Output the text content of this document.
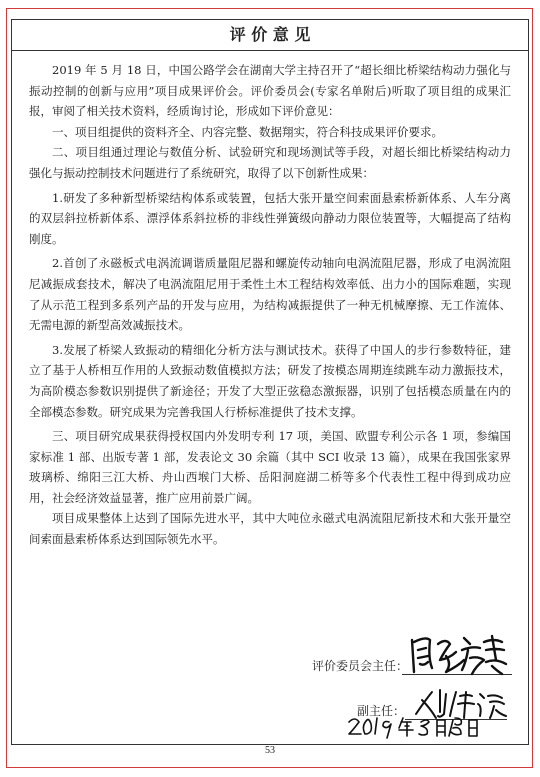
评 价 意 见

2019 年 5 月 18 日，中国公路学会在湖南大学主持召开了“超长细比桥梁结构动力强化与振动控制的创新与应用”项目成果评价会。评价委员会(专家名单附后)听取了项目组的成果汇报，审阅了相关技术资料，经质询讨论，形成如下评价意见：

一、项目组提供的资料齐全、内容完整、数据翔实，符合科技成果评价要求。

二、项目组通过理论与数值分析、试验研究和现场测试等手段，对超长细比桥梁结构动力强化与振动控制技术问题进行了系统研究，取得了以下创新性成果：

1.研发了多种新型桥梁结构体系或装置，包括大张开量空间索面悬索桥新体系、人车分离的双层斜拉桥新体系、漂浮体系斜拉桥的非线性弹簧级向静动力限位装置等，大幅提高了结构刚度。

2.首创了永磁板式电涡流调谐质量阻尼器和螺旋传动轴向电涡流阻尼器，形成了电涡流阻尼减振成套技术，解决了电涡流阻尼用于柔性土木工程结构效率低、出力小的国际难题，实现了从示范工程到多系列产品的开发与应用，为结构减振提供了一种无机械摩擦、无工作流体、无需电源的新型高效减振技术。

3.发展了桥梁人致振动的精细化分析方法与测试技术。获得了中国人的步行参数特征，建立了基于人桥相互作用的人致振动数值模拟方法；研发了按模态周期连续跳车动力激振技术，为高阶模态参数识别提供了新途径；开发了大型正弦稳态激振器，识别了包括模态质量在内的全部模态参数。研究成果为完善我国人行桥标准提供了技术支撑。

三、项目研究成果获得授权国内外发明专利 17 项，美国、欧盟专利公示各 1 项，参编国家标准 1 部、出版专著 1 部，发表论文 30 余篇（其中 SCI 收录 13 篇），成果在我国张家界玻璃桥、绵阳三江大桥、舟山西堠门大桥、岳阳洞庭湖二桥等多个代表性工程中得到成功应用，社会经济效益显著，推广应用前景广阔。

项目成果整体上达到了国际先进水平，其中大吨位永磁式电涡流阻尼新技术和大张开量空间索面悬索桥体系达到国际领先水平。

评价委员会主任：
副主任：
53
